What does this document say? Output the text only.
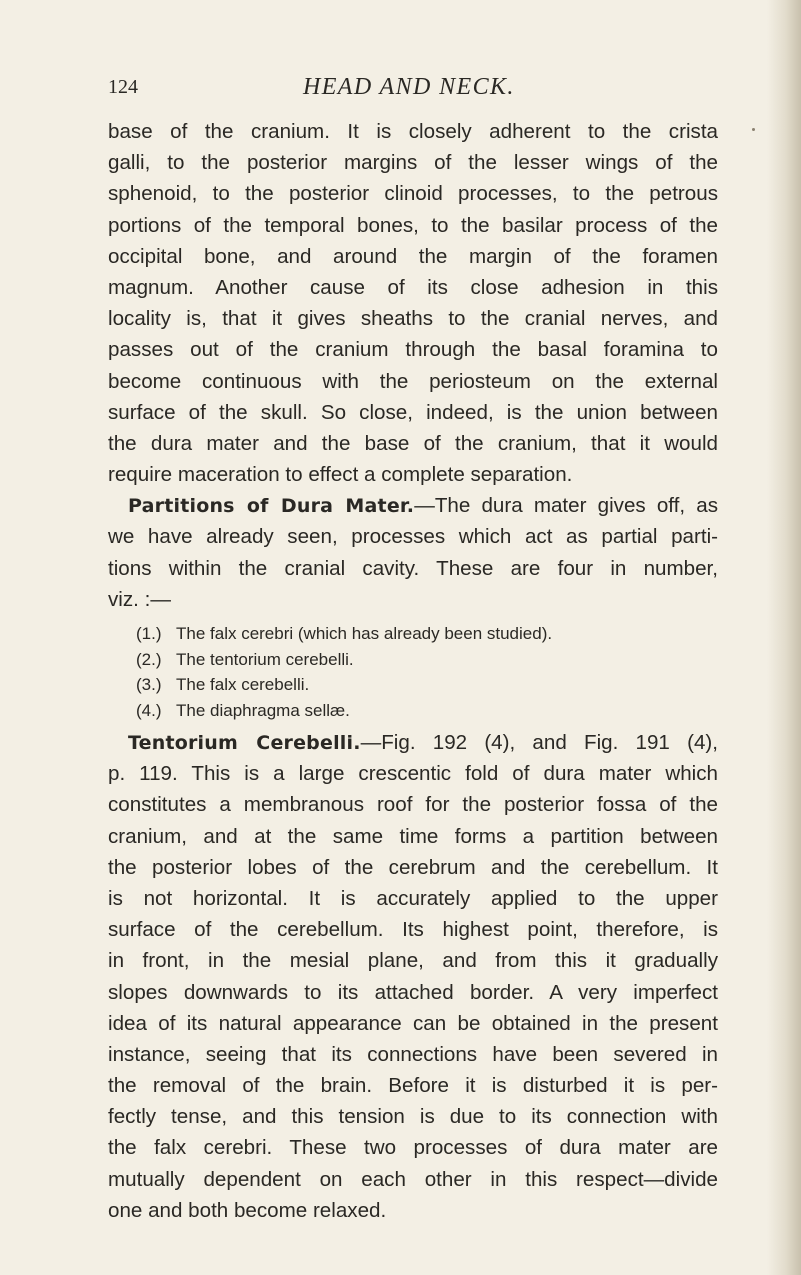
124	HEAD AND NECK.
base of the cranium. It is closely adherent to the crista
galli, to the posterior margins of the lesser wings of the
sphenoid, to the posterior clinoid processes, to the petrous
portions of the temporal bones, to the basilar process of the
occipital bone, and around the margin of the foramen
magnum. Another cause of its close adhesion in this
locality is, that it gives sheaths to the cranial nerves, and
passes out of the cranium through the basal foramina to
become continuous with the periosteum on the external
surface of the skull. So close, indeed, is the union between
the dura mater and the base of the cranium, that it would
require maceration to effect a complete separation.
Partitions of Dura Mater.—The dura mater gives off, as
we have already seen, processes which act as partial parti-
tions within the cranial cavity. These are four in number,
viz. :—
(1.) The falx cerebri (which has already been studied).
(2.) The tentorium cerebelli.
(3.) The falx cerebelli.
(4.) The diaphragma sellæ.
Tentorium Cerebelli.—Fig. 192 (4), and Fig. 191 (4),
p. 119. This is a large crescentic fold of dura mater which
constitutes a membranous roof for the posterior fossa of the
cranium, and at the same time forms a partition between
the posterior lobes of the cerebrum and the cerebellum. It
is not horizontal. It is accurately applied to the upper
surface of the cerebellum. Its highest point, therefore, is
in front, in the mesial plane, and from this it gradually
slopes downwards to its attached border. A very imperfect
idea of its natural appearance can be obtained in the present
instance, seeing that its connections have been severed in
the removal of the brain. Before it is disturbed it is per-
fectly tense, and this tension is due to its connection with
the falx cerebri. These two processes of dura mater are
mutually dependent on each other in this respect—divide
one and both become relaxed.
